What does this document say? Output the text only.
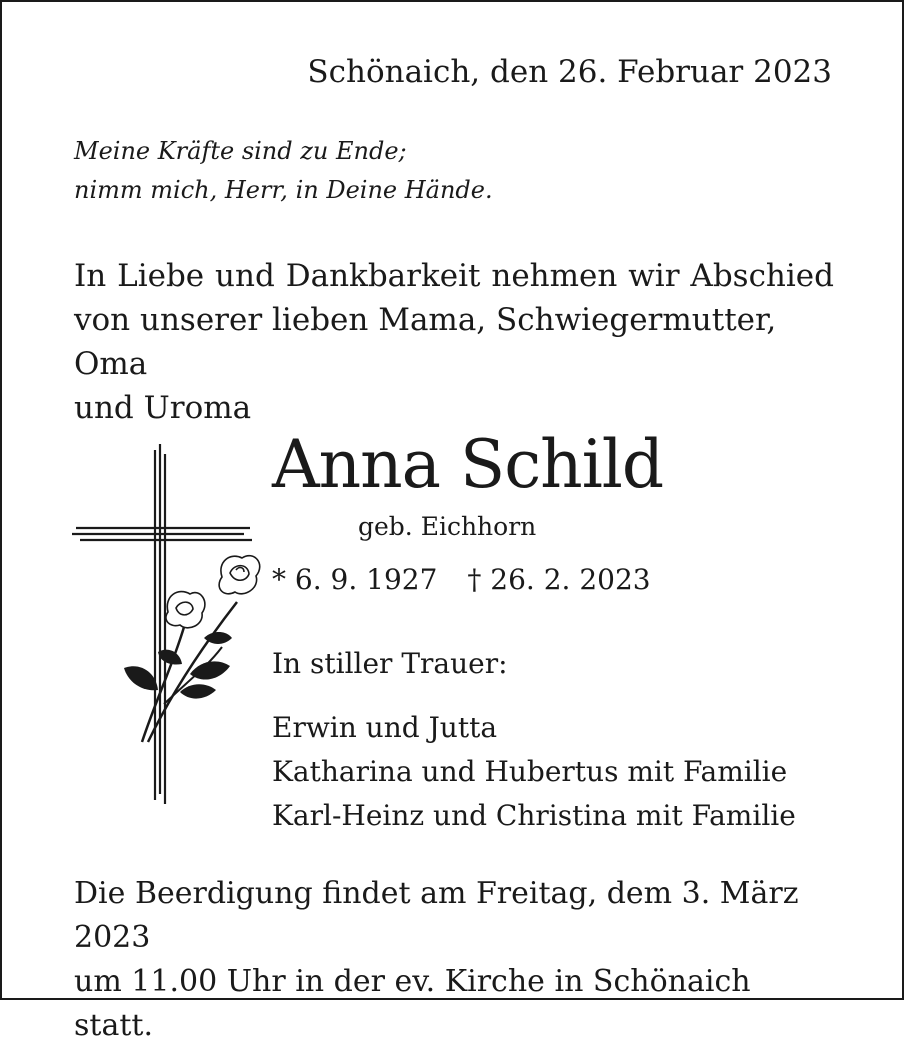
Schönaich, den 26. Februar 2023

Meine Kräfte sind zu Ende;
nimm mich, Herr, in Deine Hände.

In Liebe und Dankbarkeit nehmen wir Abschied
von unserer lieben Mama, Schwiegermutter, Oma
und Uroma

Anna Schild

geb. Eichhorn

* 6. 9. 1927 † 26. 2. 2023

In stiller Trauer:

Erwin und Jutta
Katharina und Hubertus mit Familie
Karl-Heinz und Christina mit Familie

Die Beerdigung findet am Freitag, dem 3. März 2023
um 11.00 Uhr in der ev. Kirche in Schönaich statt.
